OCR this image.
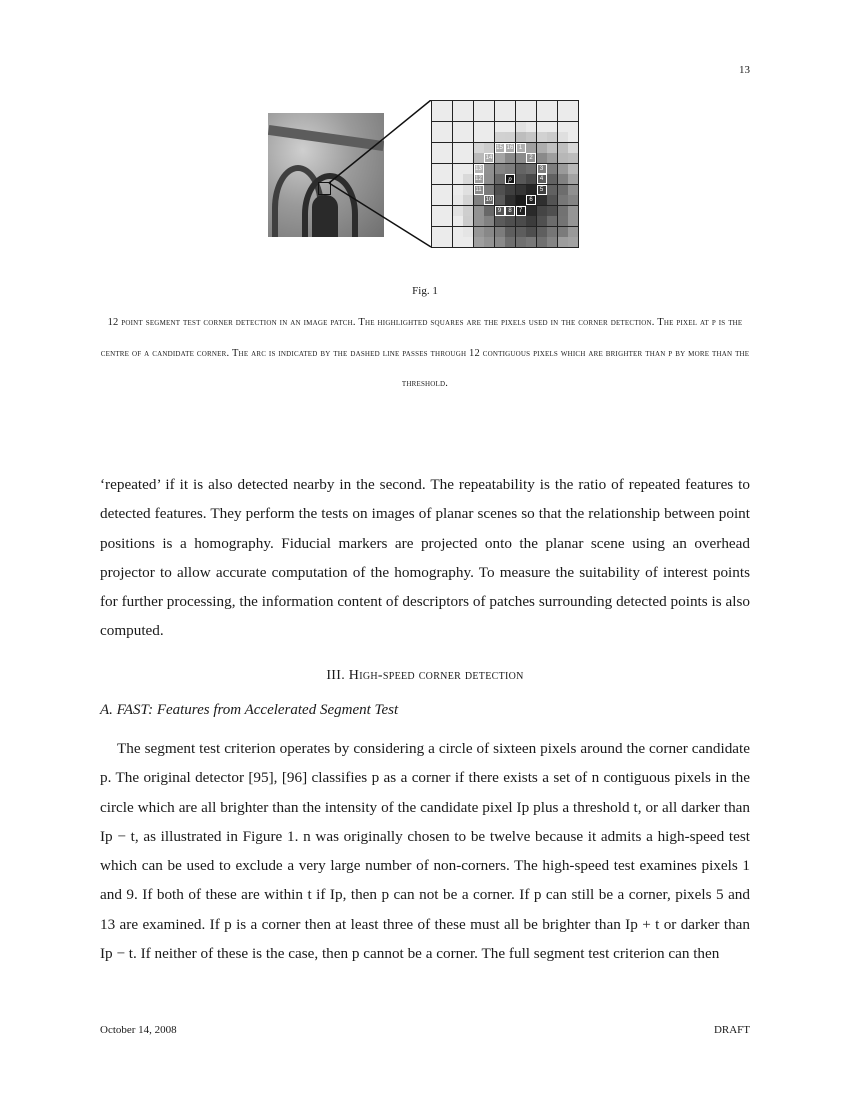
13
15 16 1
14	2
13	3
12	p	4
11	5
10	6
9	8	7
Fig. 1
12 point segment test corner detection in an image patch. The highlighted squares are the pixels used in the corner detection. The pixel at p is the centre of a candidate corner. The arc is indicated by the dashed line passes through 12 contiguous pixels which are brighter than p by more than the threshold.

‘repeated’ if it is also detected nearby in the second. The repeatability is the ratio of repeated features to detected features. They perform the tests on images of planar scenes so that the relationship between point positions is a homography. Fiducial markers are projected onto the planar scene using an overhead projector to allow accurate computation of the homography. To measure the suitability of interest points for further processing, the information content of descriptors of patches surrounding detected points is also computed.

III. High-speed corner detection
A. FAST: Features from Accelerated Segment Test

The segment test criterion operates by considering a circle of sixteen pixels around the corner candidate p. The original detector [95], [96] classifies p as a corner if there exists a set of n contiguous pixels in the circle which are all brighter than the intensity of the candidate pixel Ip plus a threshold t, or all darker than Ip − t, as illustrated in Figure 1. n was originally chosen to be twelve because it admits a high-speed test which can be used to exclude a very large number of non-corners. The high-speed test examines pixels 1 and 9. If both of these are within t if Ip, then p can not be a corner. If p can still be a corner, pixels 5 and 13 are examined. If p is a corner then at least three of these must all be brighter than Ip + t or darker than Ip − t. If neither of these is the case, then p cannot be a corner. The full segment test criterion can then

October 14, 2008	DRAFT
